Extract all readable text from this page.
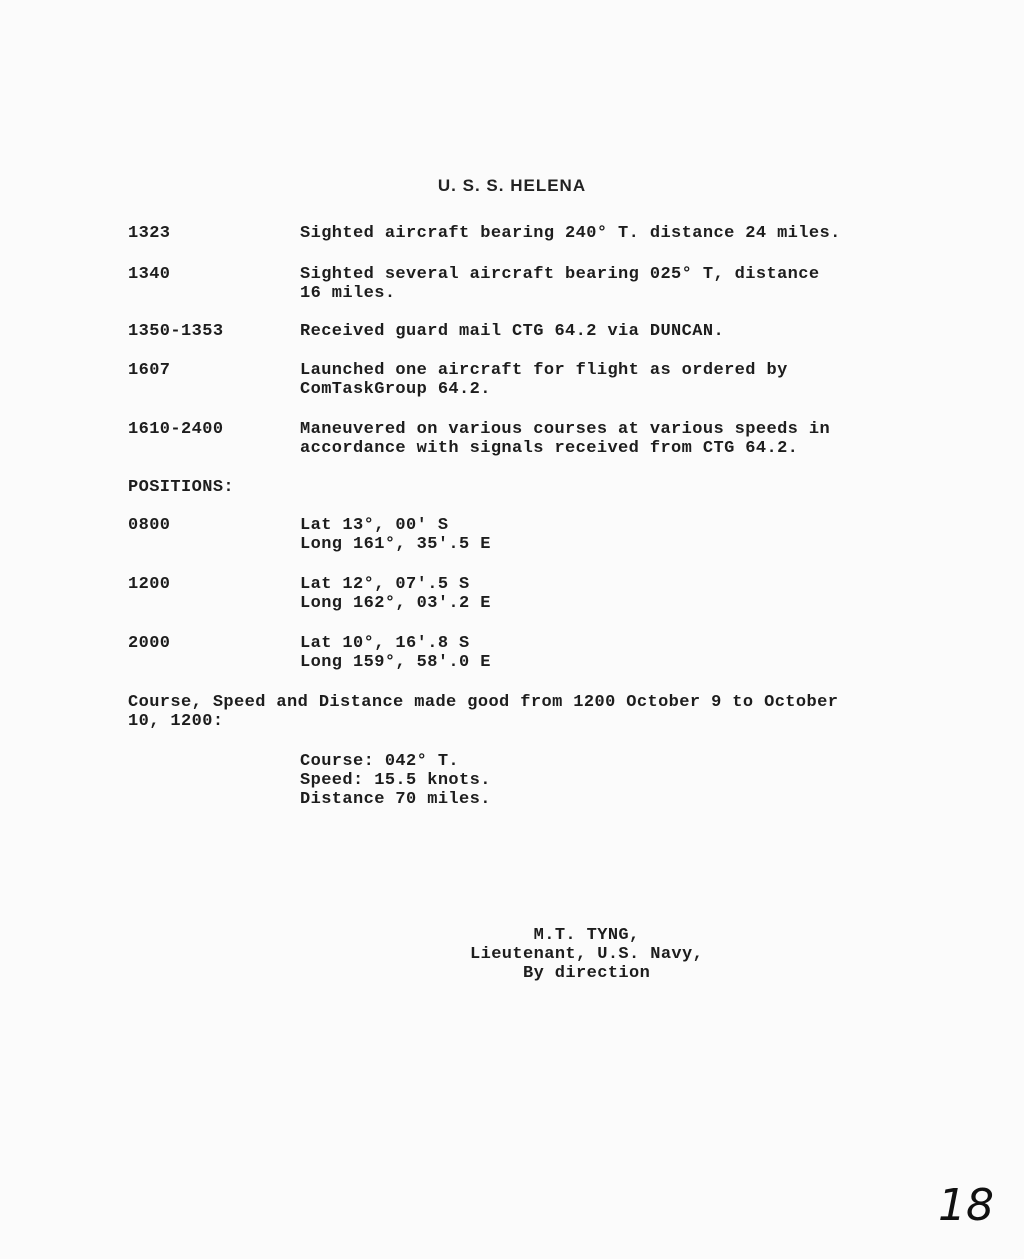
U. S. S. HELENA
1323	Sighted aircraft bearing 240° T. distance 24 miles.
1340	Sighted several aircraft bearing 025° T, distance
16 miles.
1350-1353	Received guard mail CTG 64.2 via DUNCAN.
1607	Launched one aircraft for flight as ordered by
ComTaskGroup 64.2.
1610-2400	Maneuvered on various courses at various speeds in
accordance with signals received from CTG 64.2.
POSITIONS:
0800	Lat 13°, 00' S
Long 161°, 35'.5 E
1200	Lat 12°, 07'.5 S
Long 162°, 03'.2 E
2000	Lat 10°, 16'.8 S
Long 159°, 58'.0 E
Course, Speed and Distance made good from 1200 October 9 to October
10, 1200:
Course: 042° T.
Speed: 15.5 knots.
Distance 70 miles.
M.T. TYNG,
Lieutenant, U.S. Navy,
By direction
18
